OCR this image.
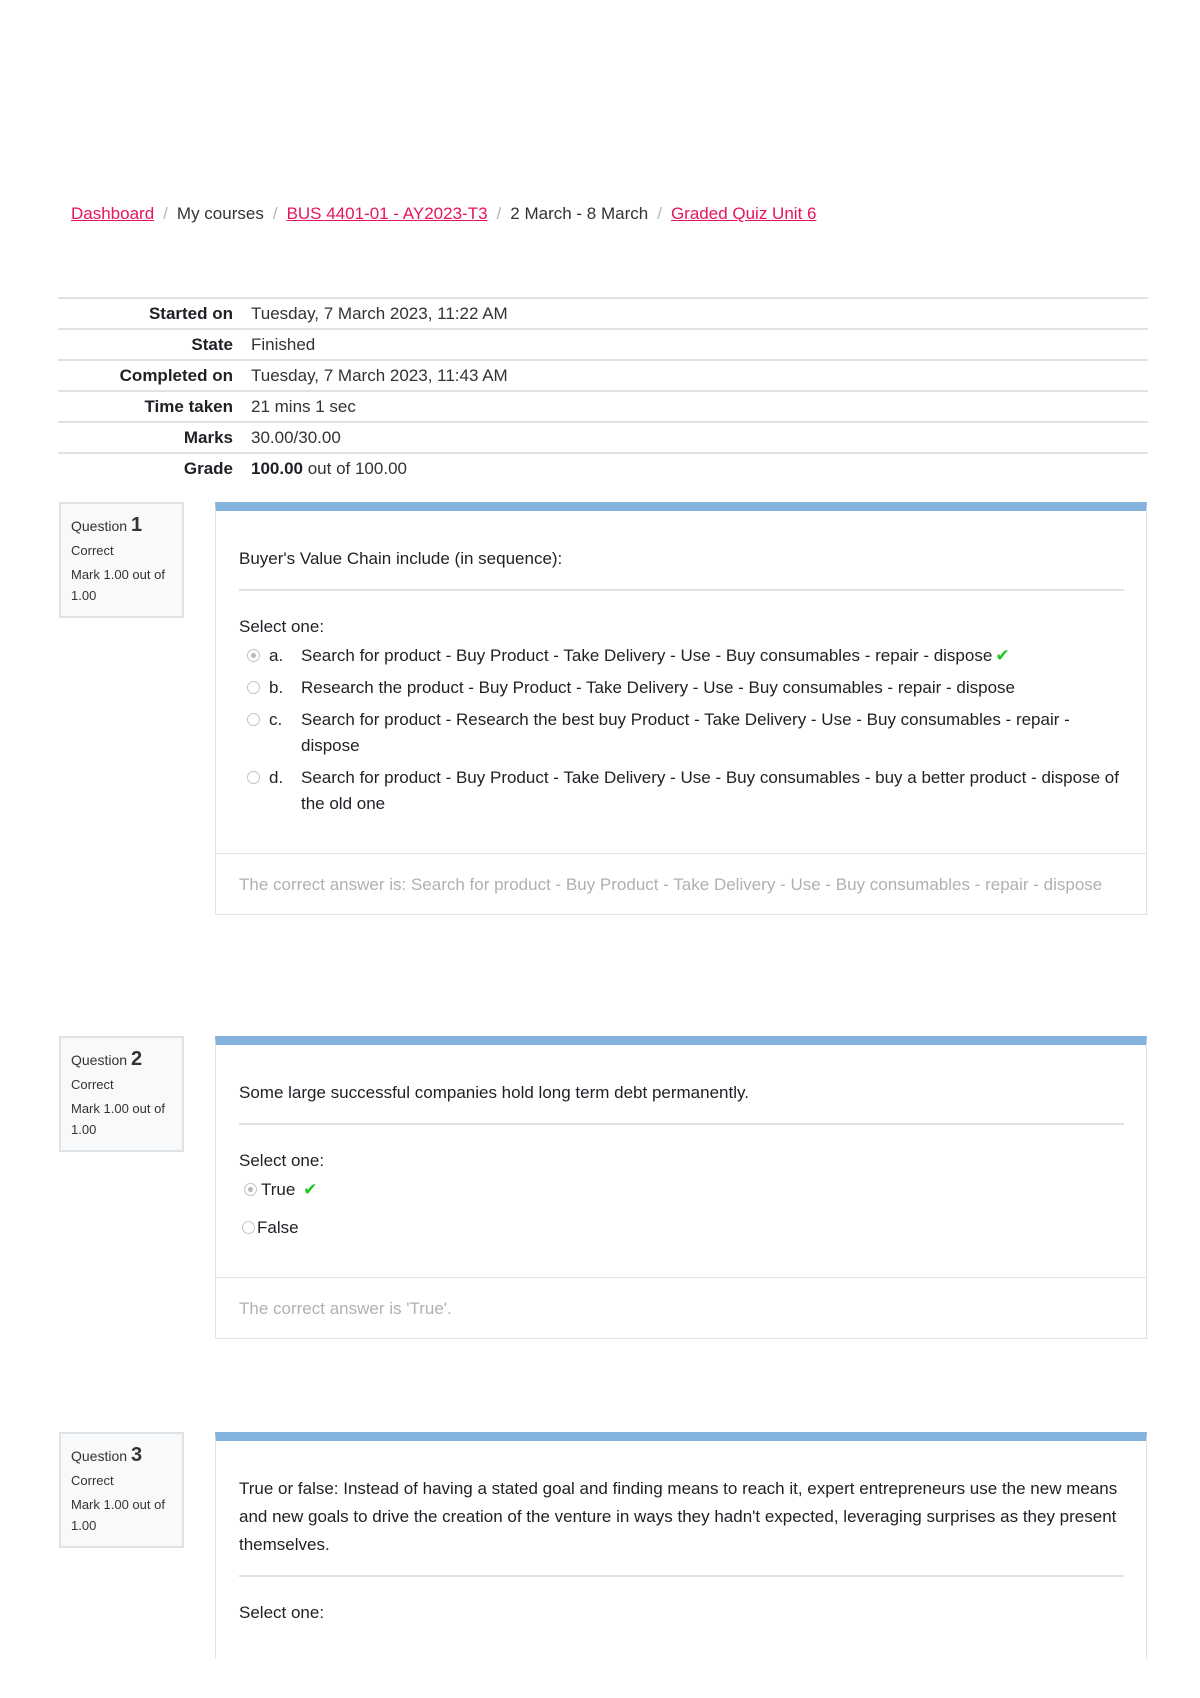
Dashboard / My courses / BUS 4401-01 - AY2023-T3 / 2 March - 8 March / Graded Quiz Unit 6
Started on	Tuesday, 7 March 2023, 11:22 AM
State	Finished
Completed on	Tuesday, 7 March 2023, 11:43 AM
Time taken	21 mins 1 sec
Marks	30.00/30.00
Grade	100.00 out of 100.00
Question 1
Correct
Mark 1.00 out of 1.00
Buyer's Value Chain include (in sequence):
Select one:
a.	Search for product - Buy Product - Take Delivery - Use - Buy consumables - repair - dispose ✔
b.	Research the product - Buy Product - Take Delivery - Use - Buy consumables - repair - dispose
c.	Search for product - Research the best buy Product - Take Delivery - Use - Buy consumables - repair - dispose
d.	Search for product - Buy Product - Take Delivery - Use - Buy consumables - buy a better product - dispose of the old one
The correct answer is: Search for product - Buy Product - Take Delivery - Use - Buy consumables - repair - dispose
Question 2
Correct
Mark 1.00 out of 1.00
Some large successful companies hold long term debt permanently.
Select one:
True ✔
False
The correct answer is 'True'.
Question 3
Correct
Mark 1.00 out of 1.00
True or false: Instead of having a stated goal and finding means to reach it, expert entrepreneurs use the new means and new goals to drive the creation of the venture in ways they hadn't expected, leveraging surprises as they present themselves.
Select one:
